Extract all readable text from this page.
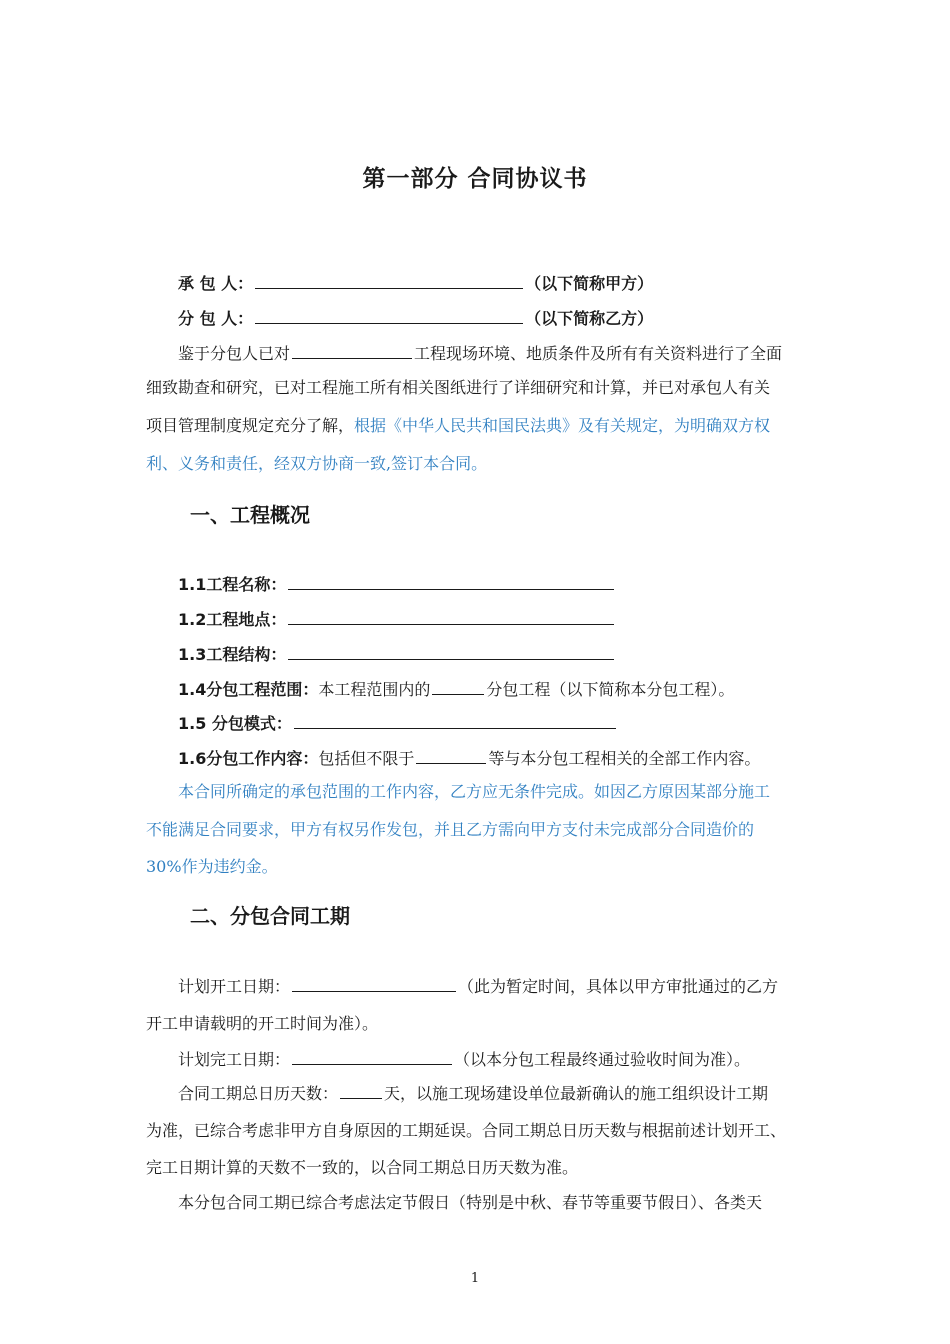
第一部分 合同协议书
承 包 人：	（以下简称甲方）
分 包 人：	（以下简称乙方）
鉴于分包人已对	工程现场环境、地质条件及所有有关资料进行了全面
细致勘查和研究，已对工程施工所有相关图纸进行了详细研究和计算，并已对承包人有关
项目管理制度规定充分了解，根据《中华人民共和国民法典》及有关规定，为明确双方权
利、义务和责任，经双方协商一致,签订本合同。
一、工程概况
1.1工程名称：
1.2工程地点：
1.3工程结构：
1.4分包工程范围：本工程范围内的	分包工程（以下简称本分包工程）。
1.5 分包模式：
1.6分包工作内容：包括但不限于	等与本分包工程相关的全部工作内容。
本合同所确定的承包范围的工作内容，乙方应无条件完成。如因乙方原因某部分施工
不能满足合同要求，甲方有权另作发包，并且乙方需向甲方支付未完成部分合同造价的
30%作为违约金。
二、分包合同工期
计划开工日期：	（此为暂定时间，具体以甲方审批通过的乙方
开工申请载明的开工时间为准）。
计划完工日期：	（以本分包工程最终通过验收时间为准）。
合同工期总日历天数：	天，以施工现场建设单位最新确认的施工组织设计工期
为准，已综合考虑非甲方自身原因的工期延误。合同工期总日历天数与根据前述计划开工、
完工日期计算的天数不一致的，以合同工期总日历天数为准。
本分包合同工期已综合考虑法定节假日（特别是中秋、春节等重要节假日）、各类天
1
